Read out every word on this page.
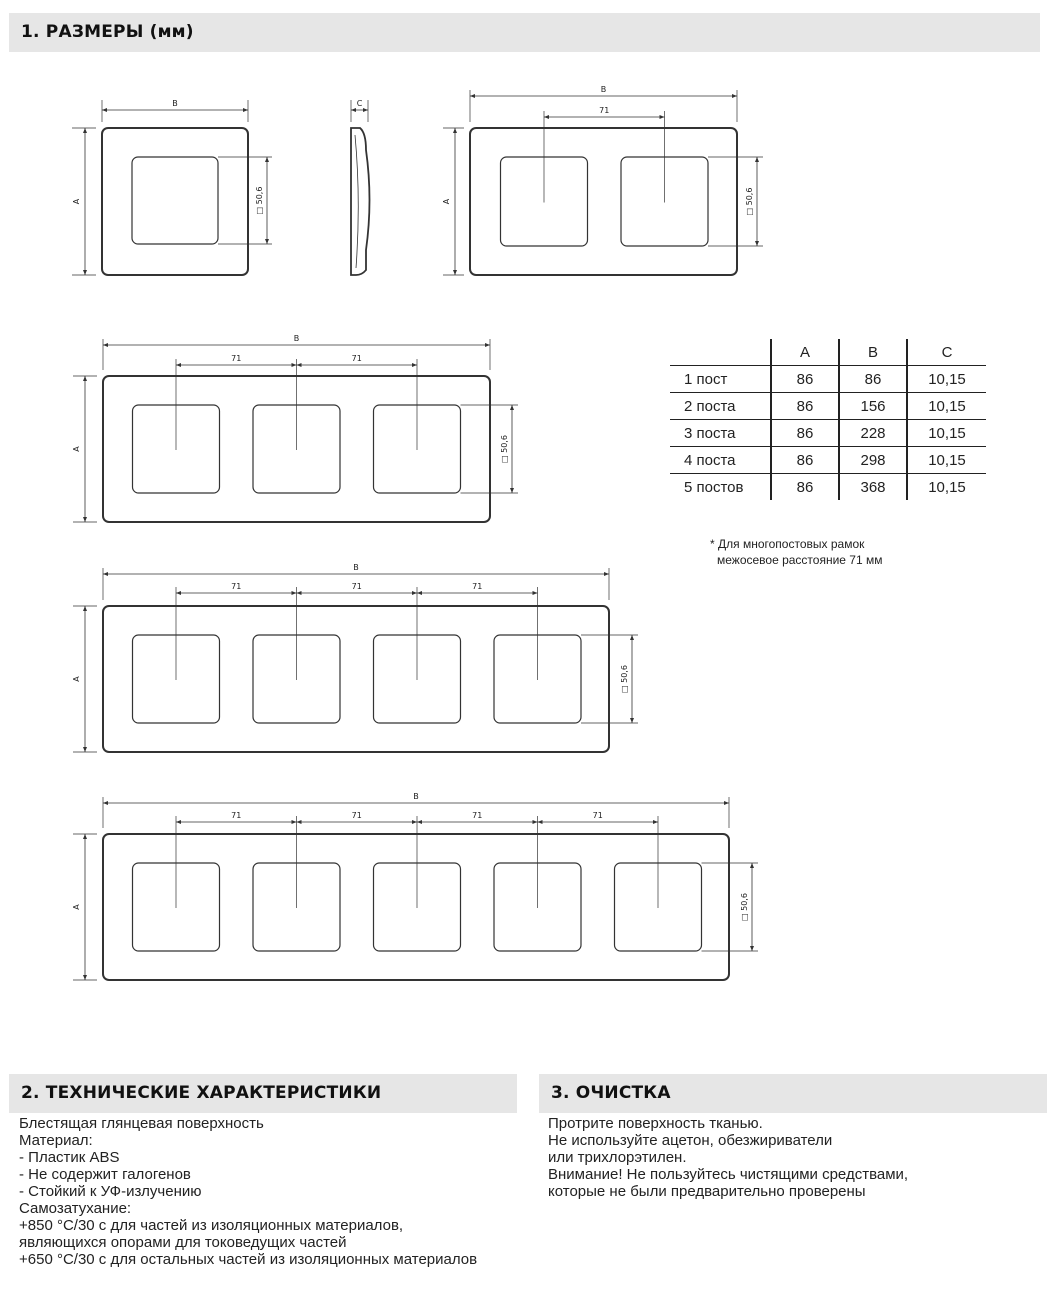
1. РАЗМЕРЫ (мм)
B
A	□ 50,6
C
B
71
A	□ 50,6
B
71	71
A	□ 50,6
B
71	71	71
A	□ 50,6
B
71	71	71	71
A	□ 50,6
	A	B	C
1 пост	86	86	10,15
2 поста	86	156	10,15
3 поста	86	228	10,15
4 поста	86	298	10,15
5 постов	86	368	10,15
* Для многопостовых рамок
межосевое расстояние 71 мм
2. ТЕХНИЧЕСКИЕ ХАРАКТЕРИСТИКИ	3. ОЧИСТКА
Блестящая глянцевая поверхность
Материал:
- Пластик ABS
- Не содержит галогенов
- Стойкий к УФ-излучению
Самозатухание:
+850 °C/30 с для частей из изоляционных материалов,
являющихся опорами для токоведущих частей
+650 °C/30 с для остальных частей из изоляционных материалов
Протрите поверхность тканью.
Не используйте ацетон, обезжириватели
или трихлорэтилен.
Внимание! Не пользуйтесь чистящими средствами,
которые не были предварительно проверены
